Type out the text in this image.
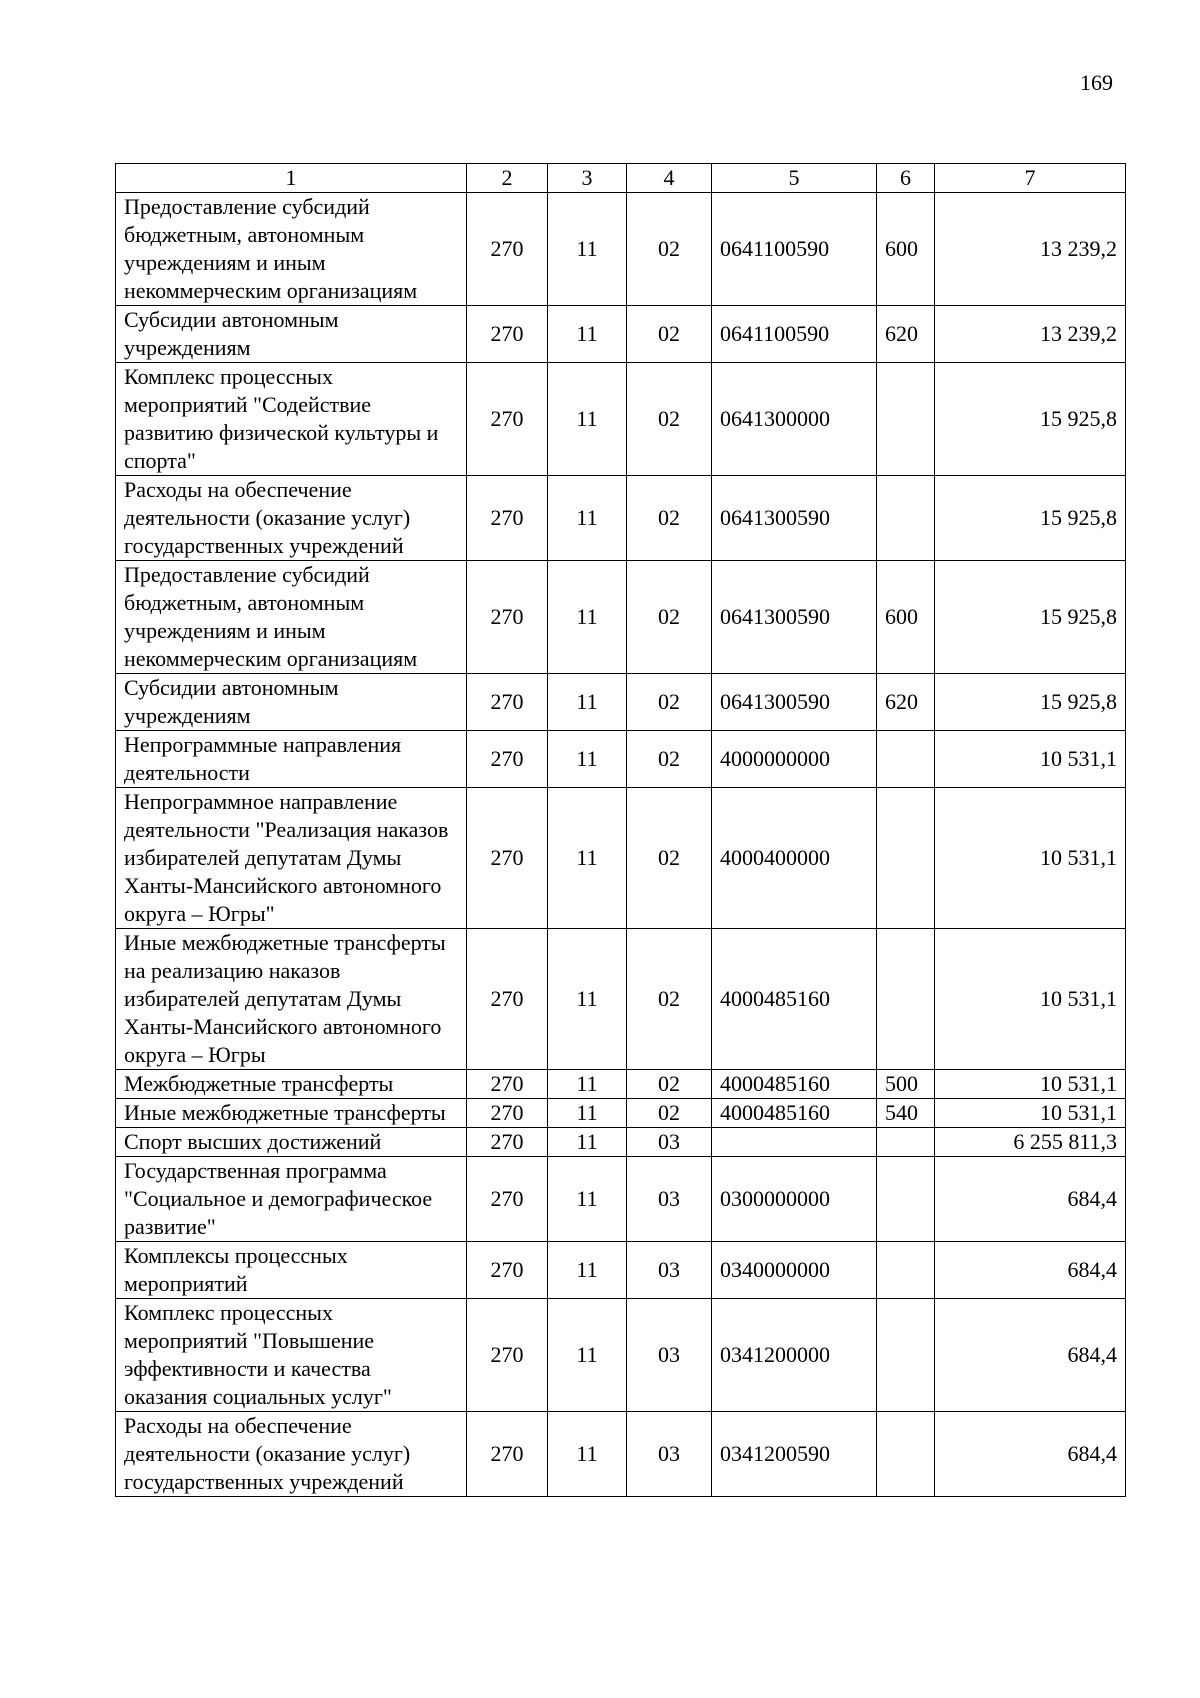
169
1	2	3	4	5	6	7
Предоставление субсидий бюджетным, автономным учреждениям и иным некоммерческим организациям	270	11	02	0641100590	600	13 239,2
Субсидии автономным учреждениям	270	11	02	0641100590	620	13 239,2
Комплекс процессных мероприятий "Содействие развитию физической культуры и спорта"	270	11	02	0641300000		15 925,8
Расходы на обеспечение деятельности (оказание услуг) государственных учреждений	270	11	02	0641300590		15 925,8
Предоставление субсидий бюджетным, автономным учреждениям и иным некоммерческим организациям	270	11	02	0641300590	600	15 925,8
Субсидии автономным учреждениям	270	11	02	0641300590	620	15 925,8
Непрограммные направления деятельности	270	11	02	4000000000		10 531,1
Непрограммное направление деятельности "Реализация наказов избирателей депутатам Думы Ханты-Мансийского автономного округа – Югры"	270	11	02	4000400000		10 531,1
Иные межбюджетные трансферты на реализацию наказов избирателей депутатам Думы Ханты-Мансийского автономного округа – Югры	270	11	02	4000485160		10 531,1
Межбюджетные трансферты	270	11	02	4000485160	500	10 531,1
Иные межбюджетные трансферты	270	11	02	4000485160	540	10 531,1
Спорт высших достижений	270	11	03			6 255 811,3
Государственная программа "Социальное и демографическое развитие"	270	11	03	0300000000		684,4
Комплексы процессных мероприятий	270	11	03	0340000000		684,4
Комплекс процессных мероприятий "Повышение эффективности и качества оказания социальных услуг"	270	11	03	0341200000		684,4
Расходы на обеспечение деятельности (оказание услуг) государственных учреждений	270	11	03	0341200590		684,4
